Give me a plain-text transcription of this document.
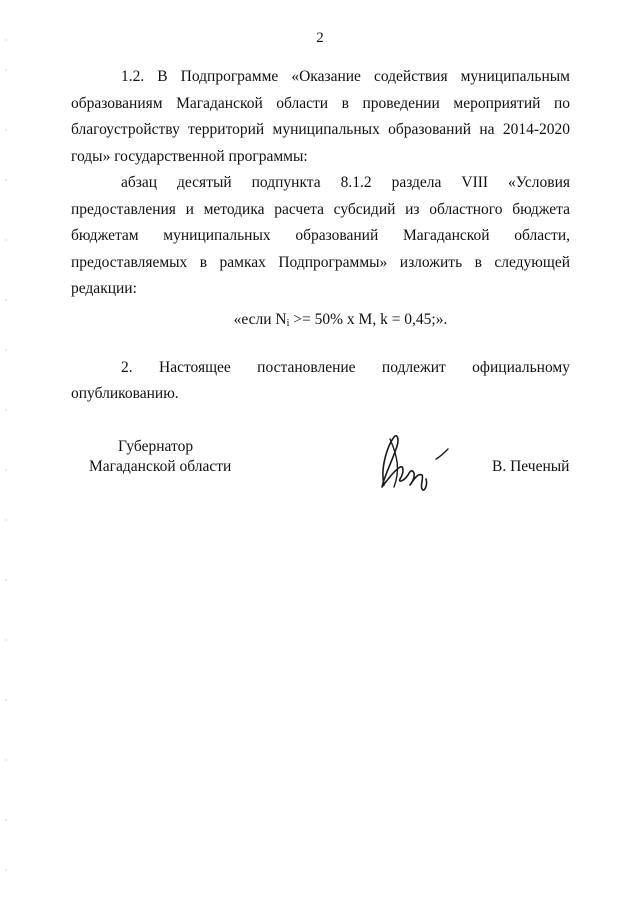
2

1.2. В Подпрограмме «Оказание содействия муниципальным образованиям Магаданской области в проведении мероприятий по благоустройству территорий муниципальных образований на 2014-2020 годы» государственной программы:

абзац десятый подпункта 8.1.2 раздела VIII «Условия предоставления и методика расчета субсидий из областного бюджета бюджетам муниципальных образований Магаданской области, предоставляемых в рамках Подпрограммы» изложить в следующей редакции:

«если $N_i >= 50\%$ x M, k = 0,45;».

2. Настоящее постановление подлежит официальному опубликованию.

Губернатор
Магаданской области	В. Печеный
